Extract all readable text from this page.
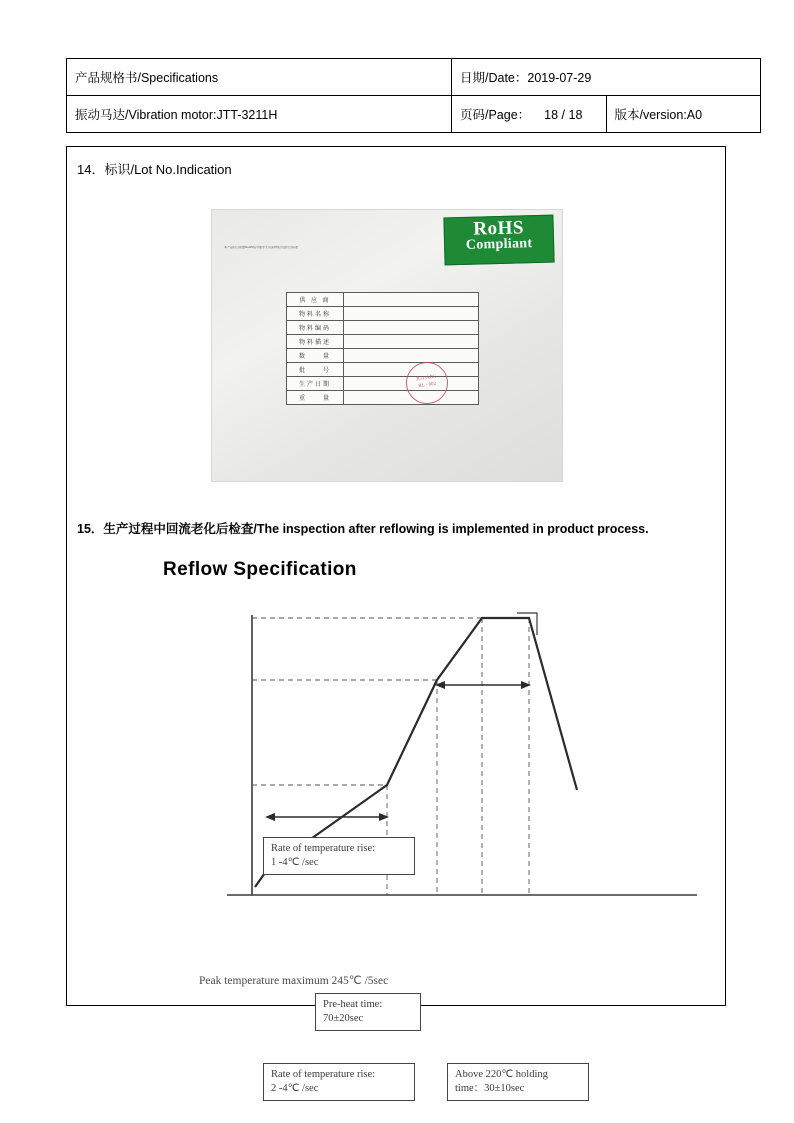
产品规格书/Specifications	日期/Date：2019-07-29	
振动马达/Vibration motor:JTT-3211H	页码/Page： 18 / 18	版本/version:A0
14．标识/Lot No.Indication
RoHS
Compliant
本产品符合欧盟RoHS指令要求无有害物质含量符合标准
供 应 商	
物料名称	
物料编码	
物料描述	
数　　量	
批　　号	
生产日期	
重　　量	
JGT/ABC
RL - 002
15．生产过程中回流老化后检查/The inspection after reflowing is implemented in product process.
Reflow Specification
Rate of temperature rise:
1 -4℃ /sec
Pre-heat time:
70±20sec
Rate of temperature rise:
2 -4℃ /sec
Above 220℃ holding
time：30±10sec
Peak temperature maximum 245℃ /5sec
